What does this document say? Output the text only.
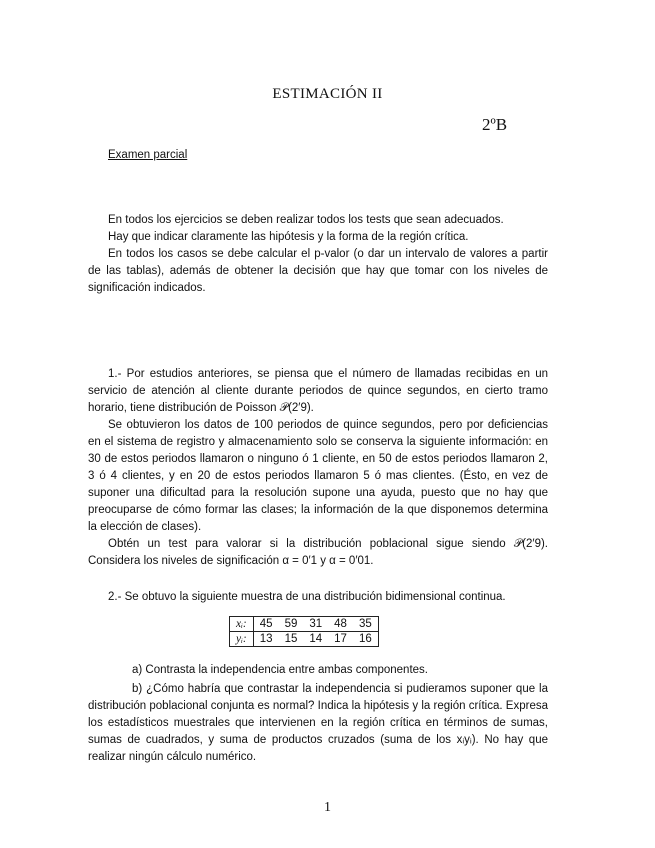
ESTIMACIÓN II
2ºB
Examen parcial

En todos los ejercicios se deben realizar todos los tests que sean adecuados.

Hay que indicar claramente las hipótesis y la forma de la región crítica.

En todos los casos se debe calcular el p-valor (o dar un intervalo de valores a partir de las tablas), además de obtener la decisión que hay que tomar con los niveles de significación indicados.

1.- Por estudios anteriores, se piensa que el número de llamadas recibidas en un servicio de atención al cliente durante periodos de quince segundos, en cierto tramo horario, tiene distribución de Poisson 𝒫(2′9).

Se obtuvieron los datos de 100 periodos de quince segundos, pero por deficiencias en el sistema de registro y almacenamiento solo se conserva la siguiente información: en 30 de estos periodos llamaron o ninguno ó 1 cliente, en 50 de estos periodos llamaron 2, 3 ó 4 clientes, y en 20 de estos periodos llamaron 5 ó mas clientes. (Ésto, en vez de suponer una dificultad para la resolución supone una ayuda, puesto que no hay que preocuparse de cómo formar las clases; la información de la que disponemos determina la elección de clases).

Obtén un test para valorar si la distribución poblacional sigue siendo 𝒫(2′9). Considera los niveles de significación α = 0′1 y α = 0′01.

2.- Se obtuvo la siguiente muestra de una distribución bidimensional continua.
xᵢ:	45	59	31	48	35
yᵢ:	13	15	14	17	16
a) Contrasta la independencia entre ambas componentes.

b) ¿Cómo habría que contrastar la independencia si pudieramos suponer que la distribución poblacional conjunta es normal? Indica la hipótesis y la región crítica. Expresa los estadísticos muestrales que intervienen en la región crítica en términos de sumas, sumas de cuadrados, y suma de productos cruzados (suma de los xᵢyᵢ). No hay que realizar ningún cálculo numérico.

1
